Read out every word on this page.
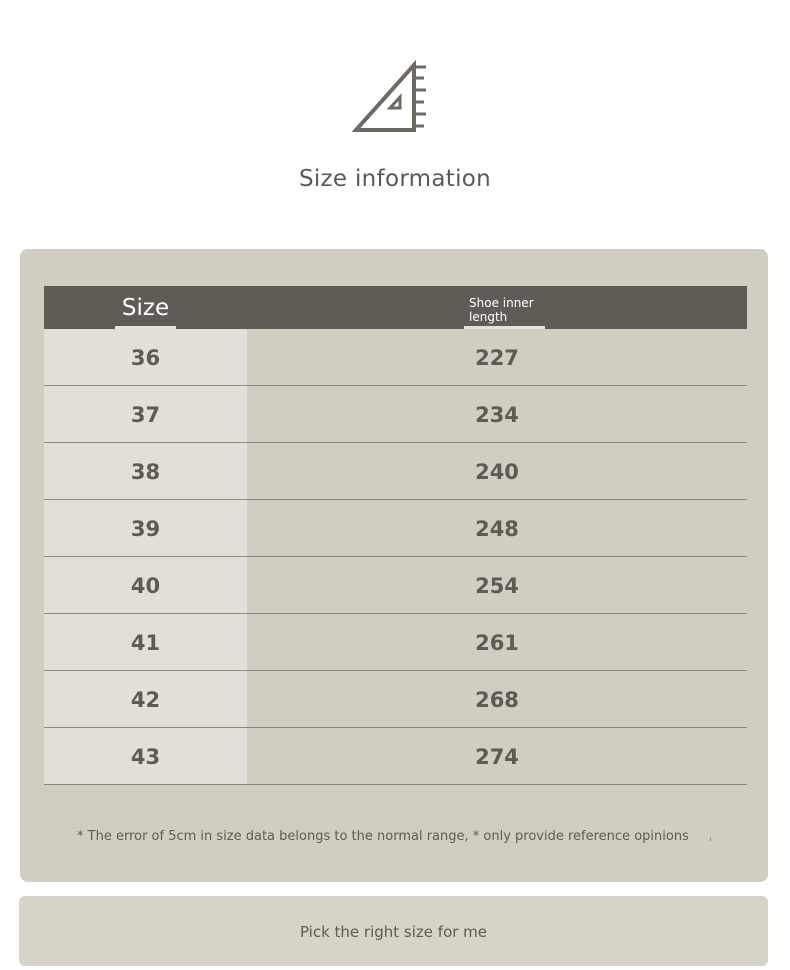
Size information
Size	Shoe inner length
36	227
37	234
38	240
39	248
40	254
41	261
42	268
43	274
* The error of 5cm in size data belongs to the normal range, * only provide reference opinions
Pick the right size for me
